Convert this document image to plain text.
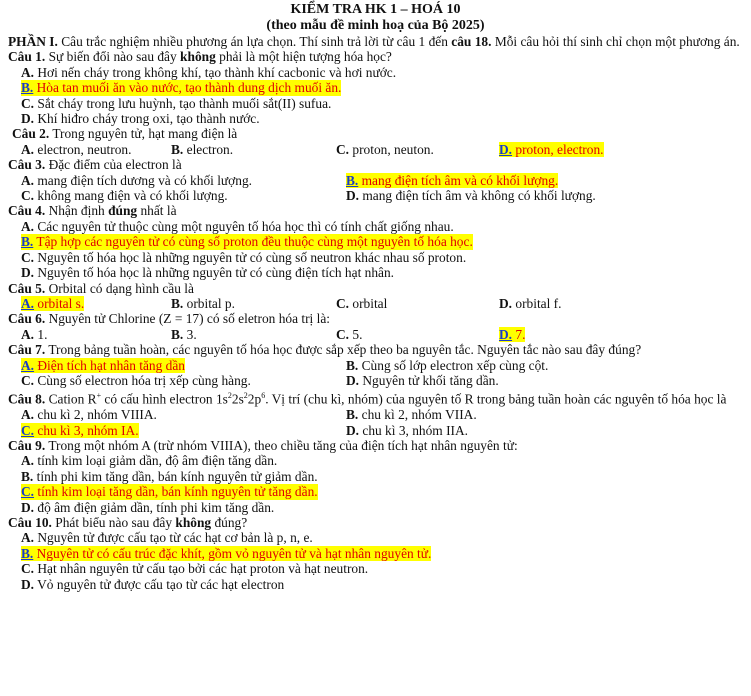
KIỂM TRA HK 1 – HOÁ 10
(theo mẫu đề minh hoạ của Bộ 2025)

PHẦN I. Câu trắc nghiệm nhiều phương án lựa chọn. Thí sinh trả lời từ câu 1 đến câu 18. Mỗi câu hỏi thí sinh chỉ chọn một phương án.

Câu 1. Sự biến đổi nào sau đây không phải là một hiện tượng hóa học?

A. Hơi nến cháy trong không khí, tạo thành khí cacbonic và hơi nước.
B. Hòa tan muối ăn vào nước, tạo thành dung dịch muối ăn.
C. Sắt cháy trong lưu huỳnh, tạo thành muối sắt(II) sufua.
D. Khí hiđro cháy trong oxi, tạo thành nước.

Câu 2. Trong nguyên tử, hạt mang điện là

A. electron, neutron.	B. electron.	C. proton, neuton.	D. proton, electron.

Câu 3. Đặc điểm của electron là

A. mang điện tích dương và có khối lượng.	B. mang điện tích âm và có khối lượng.
C. không mang điện và có khối lượng.	D. mang điện tích âm và không có khối lượng.

Câu 4. Nhận định đúng nhất là

A. Các nguyên tử thuộc cùng một nguyên tố hóa học thì có tính chất giống nhau.
B. Tập hợp các nguyên tử có cùng số proton đều thuộc cùng một nguyên tố hóa học.
C. Nguyên tố hóa học là những nguyên tử có cùng số neutron khác nhau số proton.
D. Nguyên tố hóa học là những nguyên tử có cùng điện tích hạt nhân.

Câu 5. Orbital có dạng hình cầu là

A. orbital s.	B. orbital p.	C. orbital	D. orbital f.

Câu 6. Nguyên tử Chlorine (Z = 17) có số eletron hóa trị là:

A. 1.	B. 3.	C. 5.	D. 7.

Câu 7. Trong bảng tuần hoàn, các nguyên tố hóa học được sắp xếp theo ba nguyên tắc. Nguyên tắc nào sau đây đúng?

A. Điện tích hạt nhân tăng dần	B. Cùng số lớp electron xếp cùng cột.
C. Cùng số electron hóa trị xếp cùng hàng.	D. Nguyên tử khối tăng dần.

Câu 8. Cation R+ có cấu hình electron $1s^22s^22p^6$. Vị trí (chu kì, nhóm) của nguyên tố R trong bảng tuần hoàn các nguyên tố hóa học là

A. chu kì 2, nhóm VIIIA.	B. chu kì 2, nhóm VIIA.
C. chu kì 3, nhóm IA.	D. chu kì 3, nhóm IIA.

Câu 9. Trong một nhóm A (trừ nhóm VIIIA), theo chiều tăng của điện tích hạt nhân nguyên tử:

A. tính kim loại giảm dần, độ âm điện tăng dần.
B. tính phi kim tăng dần, bán kính nguyên tử giảm dần.
C. tính kim loại tăng dần, bán kính nguyên tử tăng dần.
D. độ âm điện giảm dần, tính phi kim tăng dần.

Câu 10. Phát biểu nào sau đây không đúng?

A. Nguyên tử được cấu tạo từ các hạt cơ bản là p, n, e.
B. Nguyên tử có cấu trúc đặc khít, gồm vỏ nguyên tử và hạt nhân nguyên tử.
C. Hạt nhân nguyên tử cấu tạo bởi các hạt proton và hạt neutron.
D. Vỏ nguyên tử được cấu tạo từ các hạt electron
